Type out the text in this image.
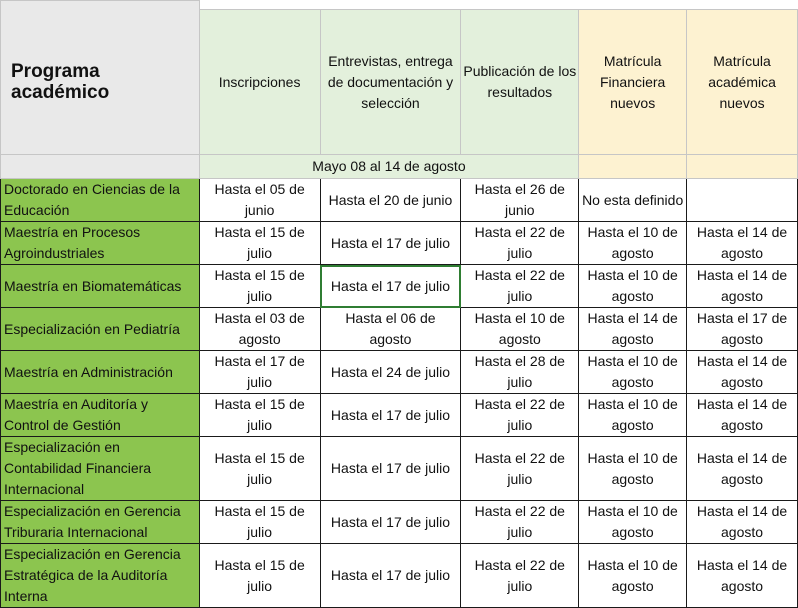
Programa académico	Inscripciones	Entrevistas, entrega de documentación y selección	Publicación de los resultados	Matrícula Financiera nuevos	Matrícula académica nuevos
	Mayo 08 al 14 de agosto				
Doctorado en Ciencias de la Educación	Hasta el 05 de junio	Hasta el 20 de junio	Hasta el 26 de junio	No esta definido	
Maestría en Procesos Agroindustriales	Hasta el 15 de julio	Hasta el 17 de julio	Hasta el 22 de julio	Hasta el 10 de agosto	Hasta el 14 de agosto
Maestría en Biomatemáticas	Hasta el 15 de julio	Hasta el 17 de julio	Hasta el 22 de julio	Hasta el 10 de agosto	Hasta el 14 de agosto
Especialización en Pediatría	Hasta el 03 de agosto	Hasta el 06 de agosto	Hasta el 10 de agosto	Hasta el 14 de agosto	Hasta el 17 de agosto
Maestría en Administración	Hasta el 17 de julio	Hasta el 24 de julio	Hasta el 28 de julio	Hasta el 10 de agosto	Hasta el 14 de agosto
Maestría en Auditoría y Control de Gestión	Hasta el 15 de julio	Hasta el 17 de julio	Hasta el 22 de julio	Hasta el 10 de agosto	Hasta el 14 de agosto
Especialización en Contabilidad Financiera Internacional	Hasta el 15 de julio	Hasta el 17 de julio	Hasta el 22 de julio	Hasta el 10 de agosto	Hasta el 14 de agosto
Especialización en Gerencia Triburaria Internacional	Hasta el 15 de julio	Hasta el 17 de julio	Hasta el 22 de julio	Hasta el 10 de agosto	Hasta el 14 de agosto
Especialización en Gerencia Estratégica de la Auditoría Interna	Hasta el 15 de julio	Hasta el 17 de julio	Hasta el 22 de julio	Hasta el 10 de agosto	Hasta el 14 de agosto
